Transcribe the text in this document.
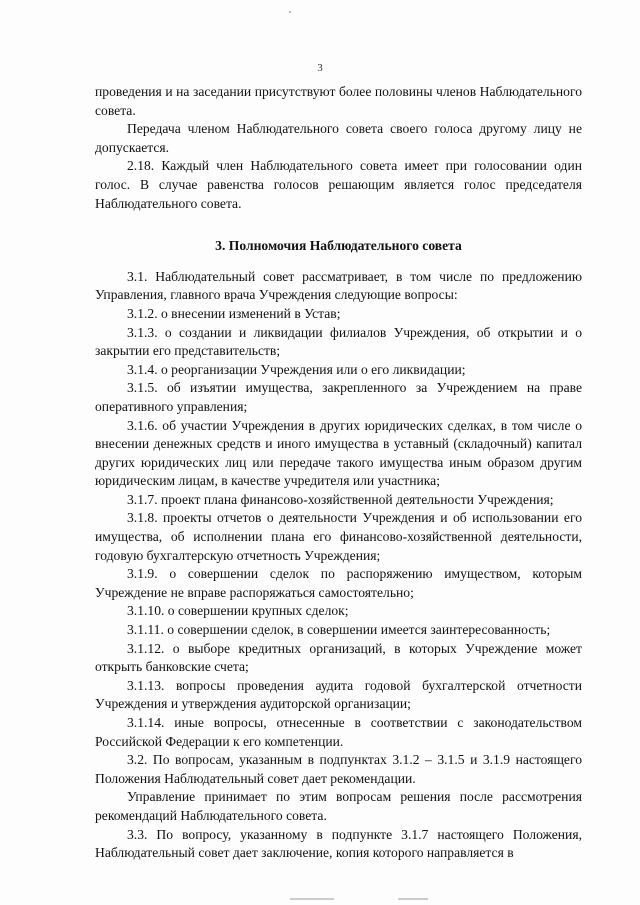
3

проведения и на заседании присутствуют более половины членов Наблюдательного совета.

Передача членом Наблюдательного совета своего голоса другому лицу не допускается.

2.18. Каждый член Наблюдательного совета имеет при голосовании один голос. В случае равенства голосов решающим является голос председателя Наблюдательного совета.

3. Полномочия Наблюдательного совета

3.1. Наблюдательный совет рассматривает, в том числе по предложению Управления, главного врача Учреждения следующие вопросы:

3.1.2. о внесении изменений в Устав;

3.1.3. о создании и ликвидации филиалов Учреждения, об открытии и о закрытии его представительств;

3.1.4. о реорганизации Учреждения или о его ликвидации;

3.1.5. об изъятии имущества, закрепленного за Учреждением на праве оперативного управления;

3.1.6. об участии Учреждения в других юридических сделках, в том числе о внесении денежных средств и иного имущества в уставный (складочный) капитал других юридических лиц или передаче такого имущества иным образом другим юридическим лицам, в качестве учредителя или участника;

3.1.7. проект плана финансово-хозяйственной деятельности Учреждения;

3.1.8. проекты отчетов о деятельности Учреждения и об использовании его имущества, об исполнении плана его финансово-хозяйственной деятельности, годовую бухгалтерскую отчетность Учреждения;

3.1.9. о совершении сделок по распоряжению имуществом, которым Учреждение не вправе распоряжаться самостоятельно;

3.1.10. о совершении крупных сделок;

3.1.11. о совершении сделок, в совершении имеется заинтересованность;

3.1.12. о выборе кредитных организаций, в которых Учреждение может открыть банковские счета;

3.1.13. вопросы проведения аудита годовой бухгалтерской отчетности Учреждения и утверждения аудиторской организации;

3.1.14. иные вопросы, отнесенные в соответствии с законодательством Российской Федерации к его компетенции.

3.2. По вопросам, указанным в подпунктах 3.1.2 – 3.1.5 и 3.1.9 настоящего Положения Наблюдательный совет дает рекомендации.

Управление принимает по этим вопросам решения после рассмотрения рекомендаций Наблюдательного совета.

3.3. По вопросу, указанному в подпункте 3.1.7 настоящего Положения, Наблюдательный совет дает заключение, копия которого направляется в
